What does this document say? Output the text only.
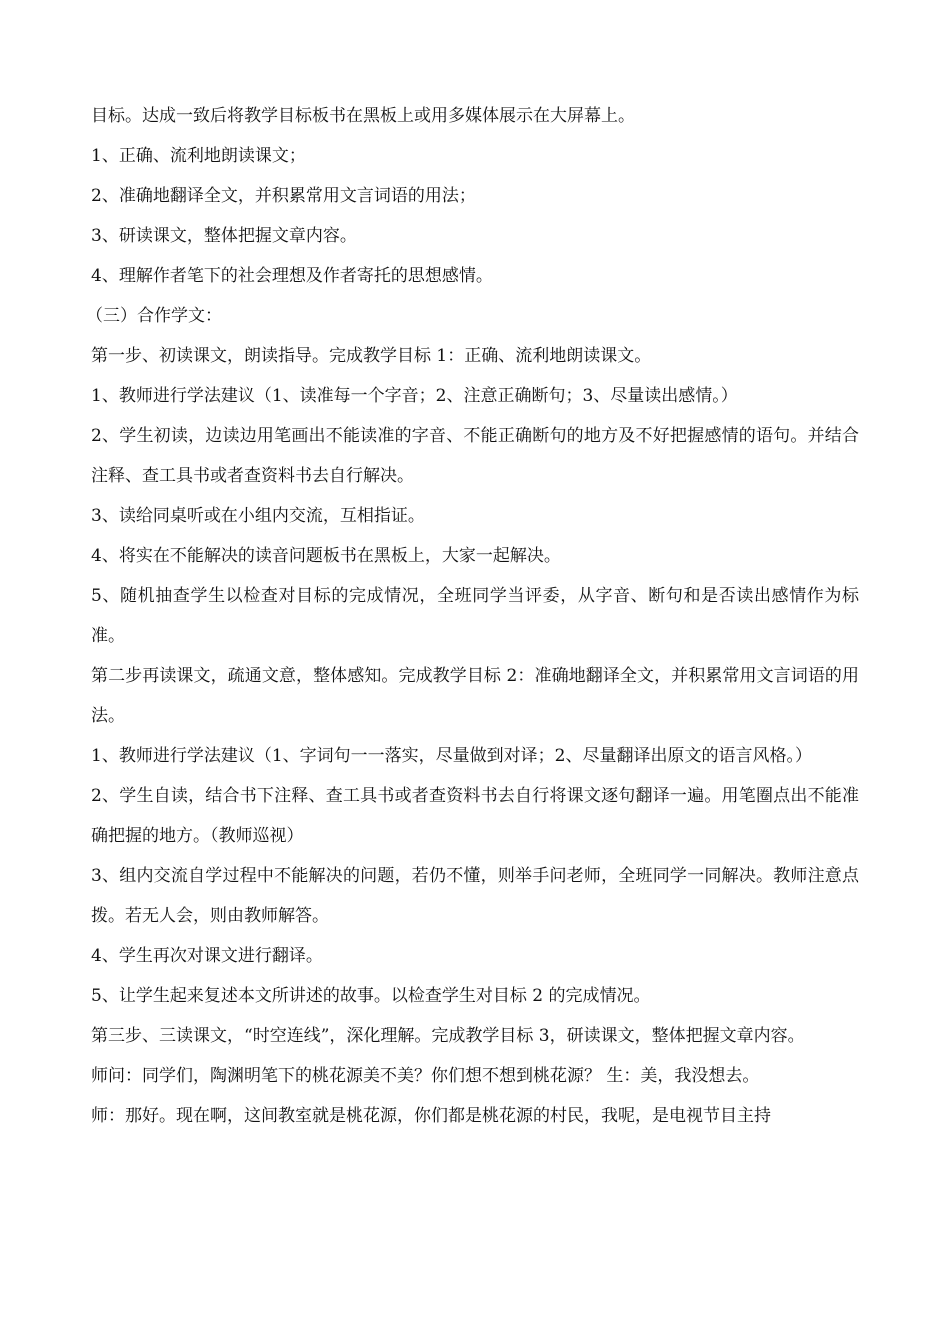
目标。达成一致后将教学目标板书在黑板上或用多媒体展示在大屏幕上。

1、正确、流利地朗读课文；

2、准确地翻译全文，并积累常用文言词语的用法；

3、研读课文，整体把握文章内容。

4、理解作者笔下的社会理想及作者寄托的思想感情。

（三）合作学文：

第一步、初读课文，朗读指导。完成教学目标 1：正确、流利地朗读课文。

1、教师进行学法建议（1、读准每一个字音；2、注意正确断句；3、尽量读出感情。）

2、学生初读，边读边用笔画出不能读准的字音、不能正确断句的地方及不好把握感情的语句。并结合注释、查工具书或者查资料书去自行解决。

3、读给同桌听或在小组内交流，互相指证。

4、将实在不能解决的读音问题板书在黑板上，大家一起解决。

5、随机抽查学生以检查对目标的完成情况，全班同学当评委，从字音、断句和是否读出感情作为标准。

第二步再读课文，疏通文意，整体感知。完成教学目标 2：准确地翻译全文，并积累常用文言词语的用法。

1、教师进行学法建议（1、字词句一一落实，尽量做到对译；2、尽量翻译出原文的语言风格。）

2、学生自读，结合书下注释、查工具书或者查资料书去自行将课文逐句翻译一遍。用笔圈点出不能准确把握的地方。（教师巡视）

3、组内交流自学过程中不能解决的问题，若仍不懂，则举手问老师，全班同学一同解决。教师注意点拨。若无人会，则由教师解答。

4、学生再次对课文进行翻译。

5、让学生起来复述本文所讲述的故事。以检查学生对目标 2 的完成情况。

第三步、三读课文，“时空连线”，深化理解。完成教学目标 3，研读课文，整体把握文章内容。

师问：同学们，陶渊明笔下的桃花源美不美？你们想不想到桃花源？ 生：美，我没想去。

师：那好。现在啊，这间教室就是桃花源，你们都是桃花源的村民，我呢，是电视节目主持
